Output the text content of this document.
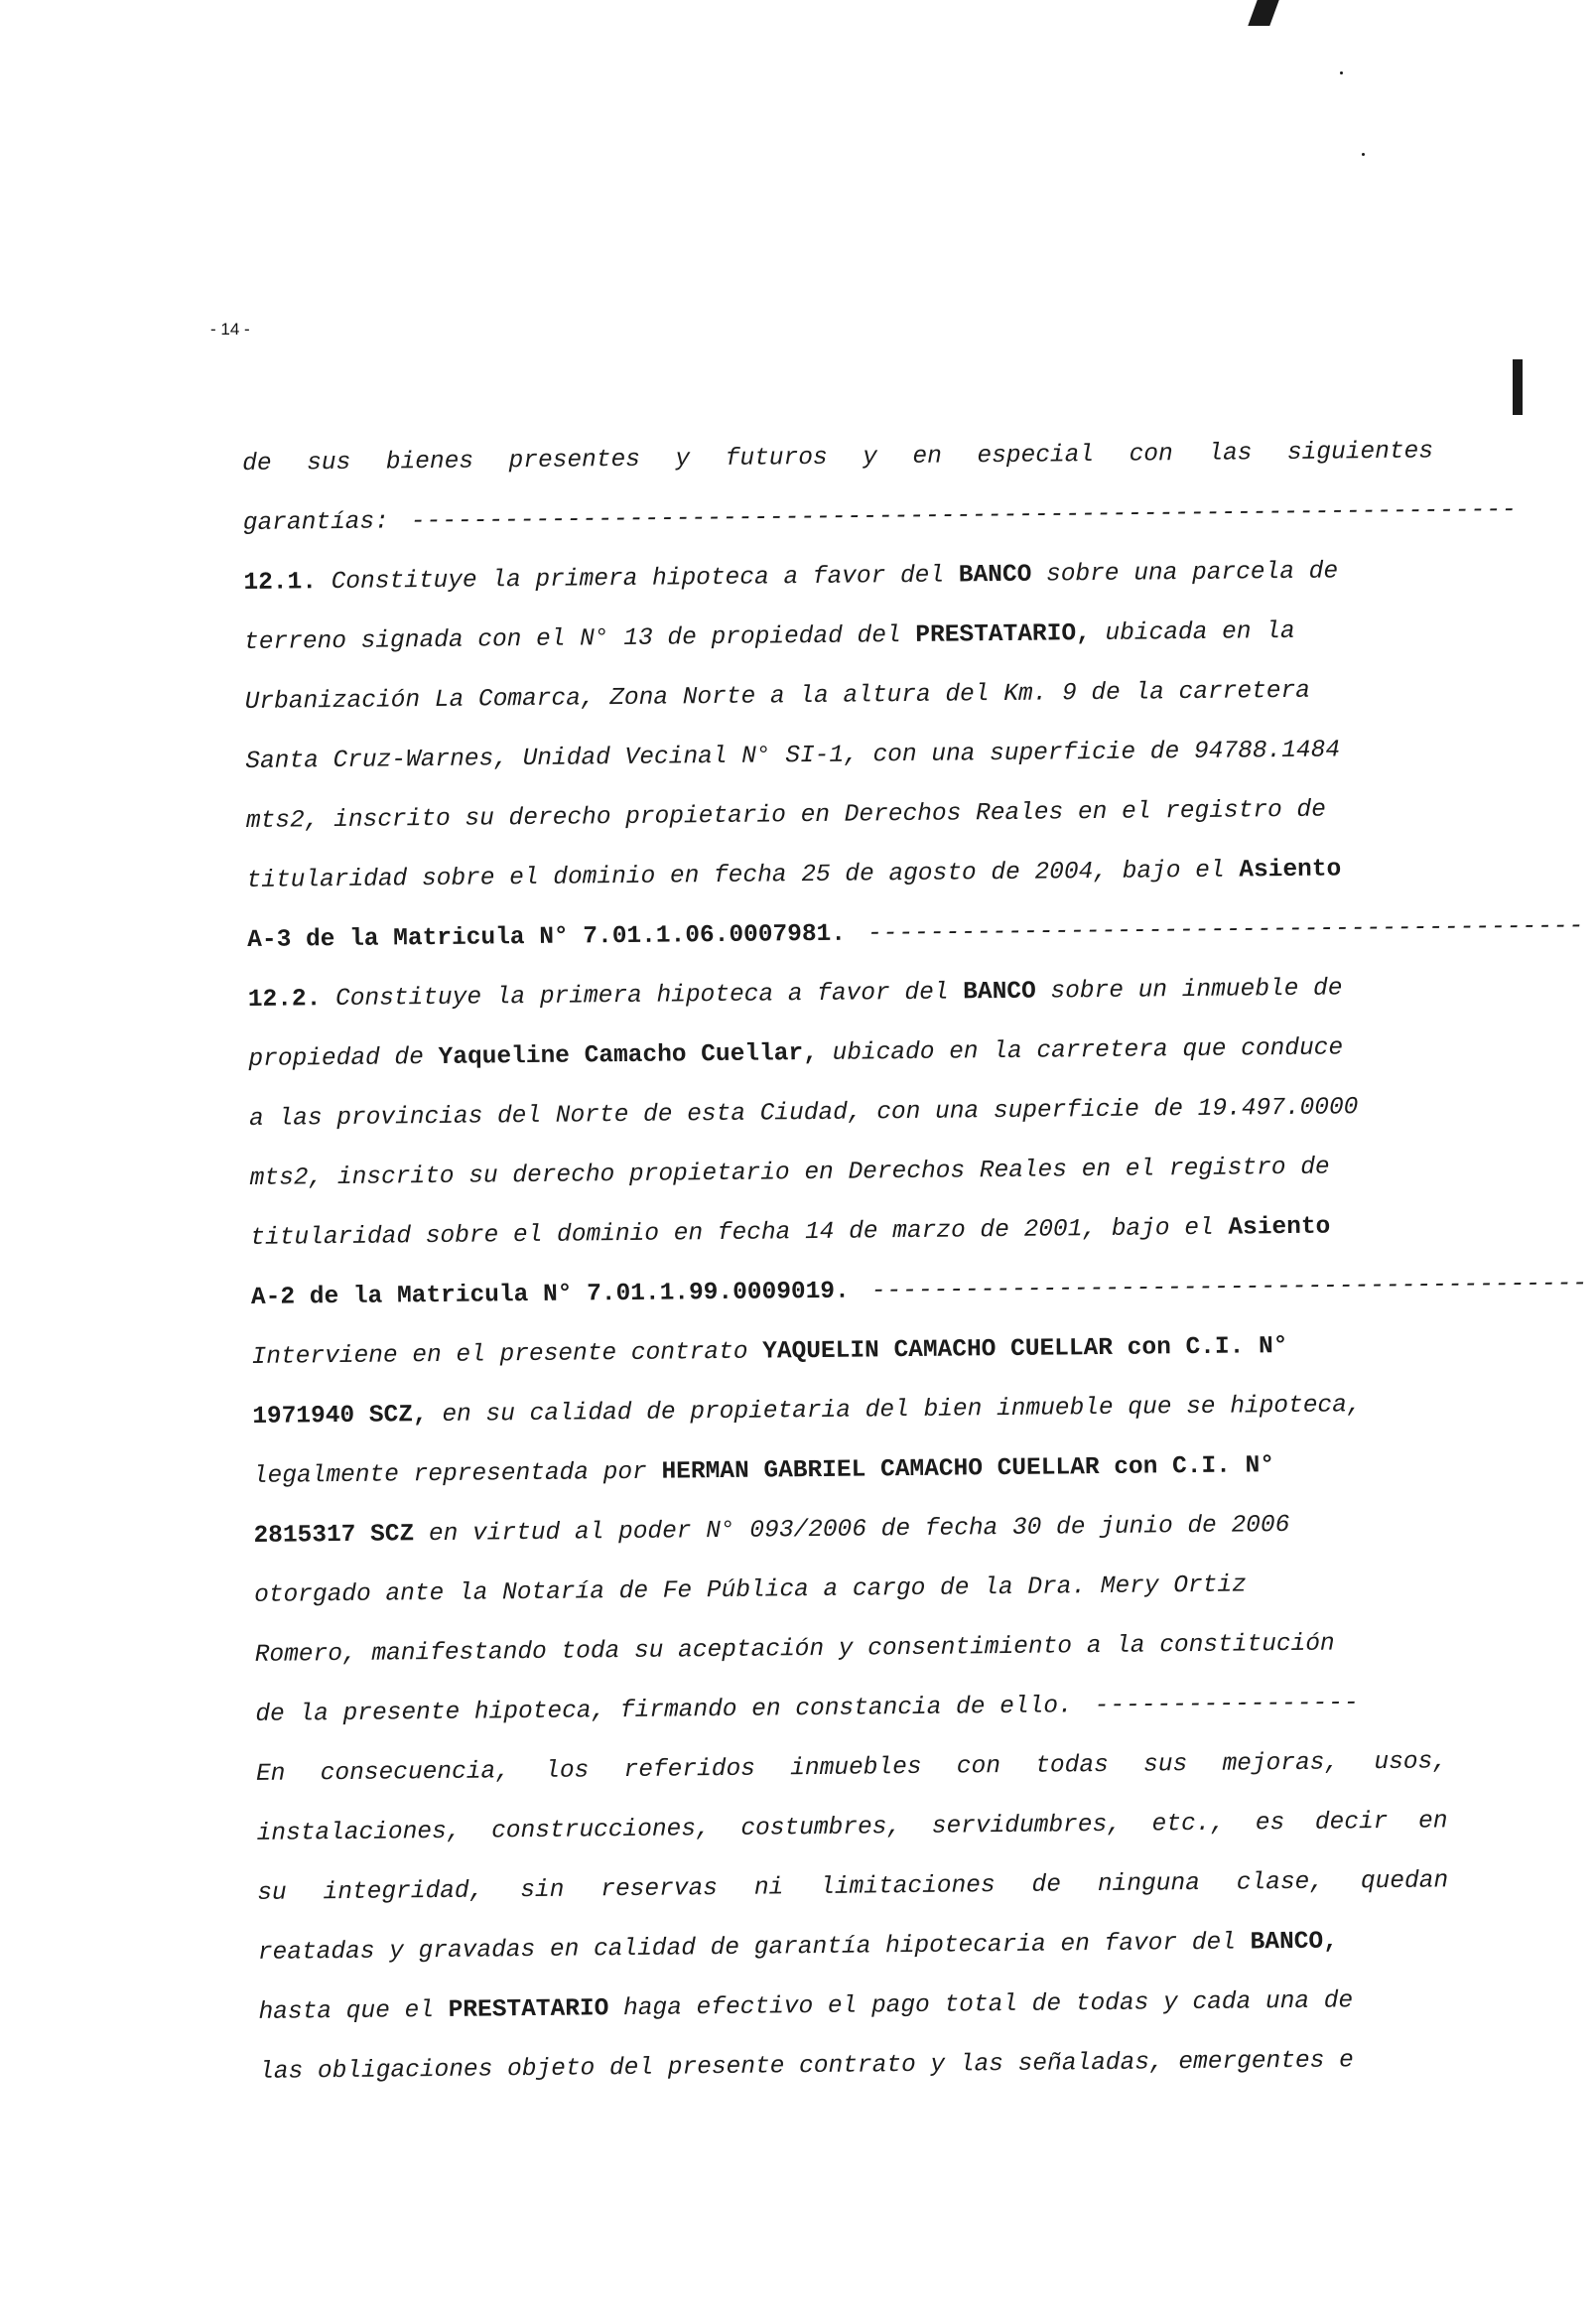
- 14 -
de sus bienes presentes y futuros y en especial con las siguientes
garantías: -----------------------------------------------------------------------
12.1. Constituye la primera hipoteca a favor del BANCO sobre una parcela de
terreno signada con el N° 13 de propiedad del PRESTATARIO, ubicada en la
Urbanización La Comarca, Zona Norte a la altura del Km. 9 de la carretera
Santa Cruz-Warnes, Unidad Vecinal N° SI-1, con una superficie de 94788.1484
mts2, inscrito su derecho propietario en Derechos Reales en el registro de
titularidad sobre el dominio en fecha 25 de agosto de 2004, bajo el Asiento
A-3 de la Matricula N° 7.01.1.06.0007981. ----------------------------------------------
12.2. Constituye la primera hipoteca a favor del BANCO sobre un inmueble de
propiedad de Yaqueline Camacho Cuellar, ubicado en la carretera que conduce
a las provincias del Norte de esta Ciudad, con una superficie de 19.497.0000
mts2, inscrito su derecho propietario en Derechos Reales en el registro de
titularidad sobre el dominio en fecha 14 de marzo de 2001, bajo el Asiento
A-2 de la Matricula N° 7.01.1.99.0009019. ----------------------------------------------
Interviene en el presente contrato YAQUELIN CAMACHO CUELLAR con C.I. N°
1971940 SCZ, en su calidad de propietaria del bien inmueble que se hipoteca,
legalmente representada por HERMAN GABRIEL CAMACHO CUELLAR con C.I. N°
2815317 SCZ en virtud al poder N° 093/2006 de fecha 30 de junio de 2006
otorgado ante la Notaría de Fe Pública a cargo de la Dra. Mery Ortiz
Romero, manifestando toda su aceptación y consentimiento a la constitución
de la presente hipoteca, firmando en constancia de ello. -----------------
En consecuencia, los referidos inmuebles con todas sus mejoras, usos,
instalaciones, construcciones, costumbres, servidumbres, etc., es decir en
su integridad, sin reservas ni limitaciones de ninguna clase, quedan
reatadas y gravadas en calidad de garantía hipotecaria en favor del BANCO,
hasta que el PRESTATARIO haga efectivo el pago total de todas y cada una de
las obligaciones objeto del presente contrato y las señaladas, emergentes e
